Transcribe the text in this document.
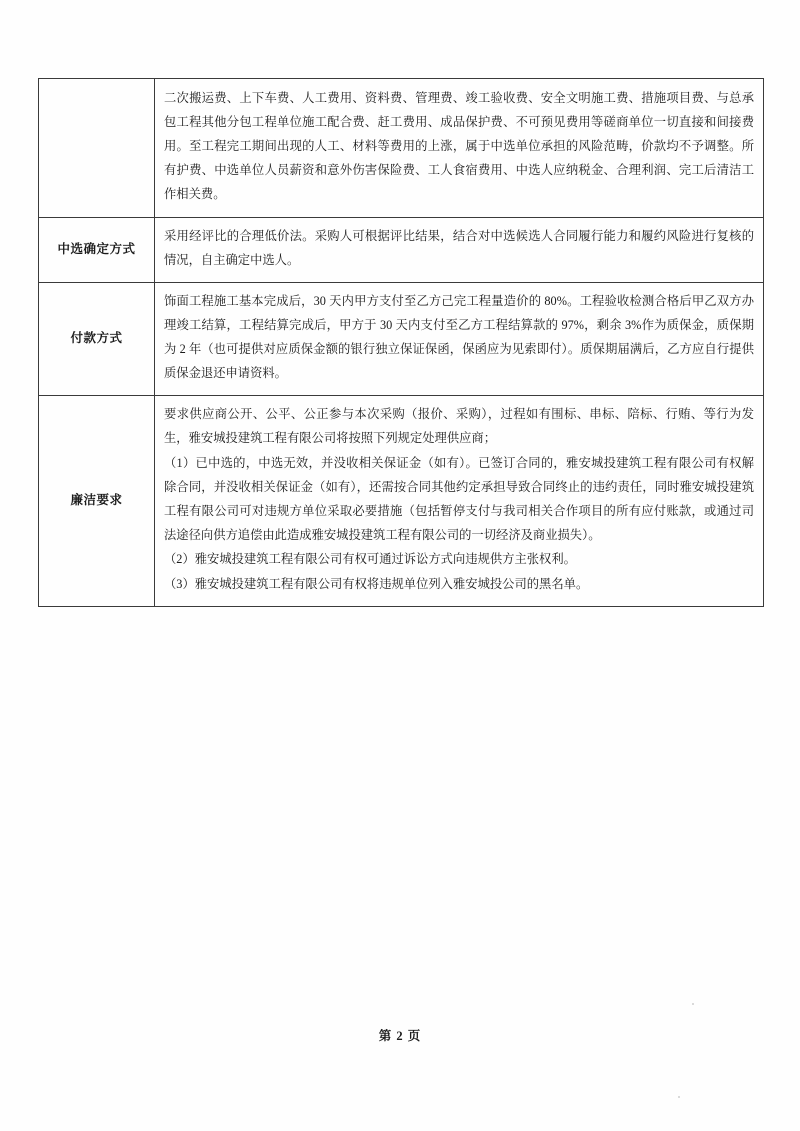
	二次搬运费、上下车费、人工费用、资料费、管理费、竣工验收费、安全文明施工费、措施项目费、与总承包工程其他分包工程单位施工配合费、赶工费用、成品保护费、不可预见费用等磋商单位一切直接和间接费用。至工程完工期间出现的人工、材料等费用的上涨，属于中选单位承担的风险范畴，价款均不予调整。所有护费、中选单位人员薪资和意外伤害保险费、工人食宿费用、中选人应纳税金、合理利润、完工后清洁工作相关费。

中选确定方式	采用经评比的合理低价法。采购人可根据评比结果，结合对中选候选人合同履行能力和履约风险进行复核的情况，自主确定中选人。

付款方式	饰面工程施工基本完成后，30 天内甲方支付至乙方己完工程量造价的 80%。工程验收检测合格后甲乙双方办理竣工结算，工程结算完成后，甲方于 30 天内支付至乙方工程结算款的 97%，剩余 3%作为质保金，质保期为 2 年（也可提供对应质保金额的银行独立保证保函，保函应为见索即付）。质保期届满后，乙方应自行提供质保金退还申请资料。

廉洁要求	要求供应商公开、公平、公正参与本次采购（报价、采购），过程如有围标、串标、陪标、行贿、等行为发生，雅安城投建筑工程有限公司将按照下列规定处理供应商；

（1）已中选的，中选无效，并没收相关保证金（如有）。已签订合同的，雅安城投建筑工程有限公司有权解除合同，并没收相关保证金（如有），还需按合同其他约定承担导致合同终止的违约责任，同时雅安城投建筑工程有限公司可对违规方单位采取必要措施（包括暂停支付与我司相关合作项目的所有应付账款，或通过司法途径向供方追偿由此造成雅安城投建筑工程有限公司的一切经济及商业损失）。

（2）雅安城投建筑工程有限公司有权可通过诉讼方式向违规供方主张权利。

（3）雅安城投建筑工程有限公司有权将违规单位列入雅安城投公司的黑名单。

第 2 页
